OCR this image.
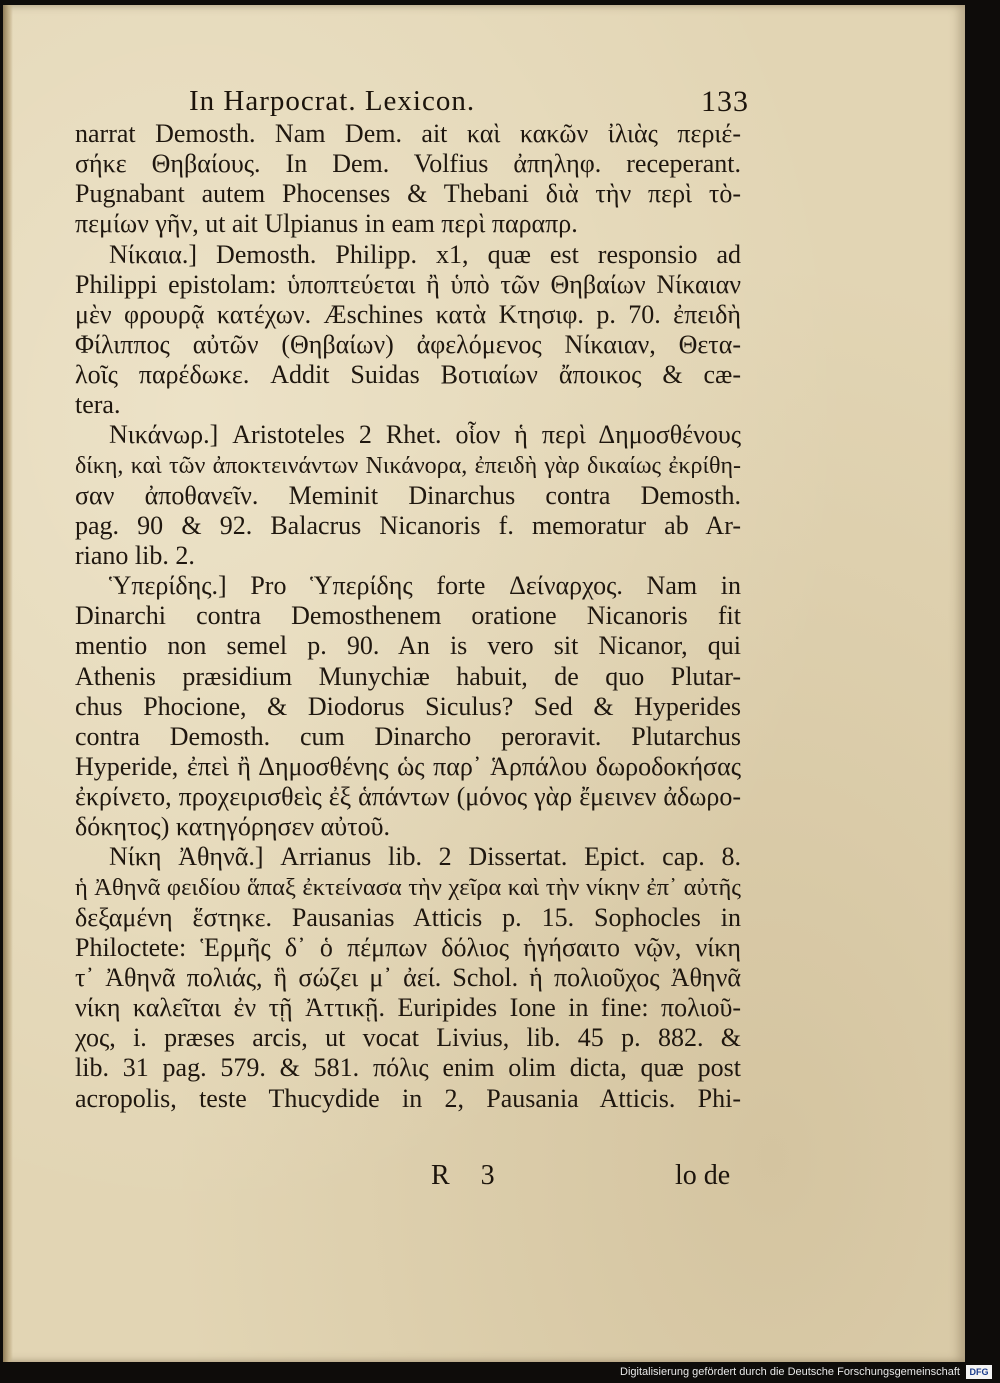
In Harpocrat. Lexicon.	133
narrat Demosth. Nam Dem. ait καὶ κακῶν ἰλιὰς περιέ-
σήκε Θηβαίους. In Dem. Volfius ἀπηληφ. receperant.
Pugnabant autem Phocenses & Thebani διὰ τὴν περὶ τὸ-
πεμίων γῆν, ut ait Ulpianus in eam περὶ παραπρ.
Νίκαια.] Demosth. Philipp. x1, quæ est responsio ad
Philippi epistolam: ὑποπτεύεται ἢ ὑπὸ τῶν Θηβαίων Νίκαιαν
μὲν φρουρᾷ κατέχων. Æschines κατὰ Κτησιφ. p. 70. ἐπειδὴ
Φίλιππος αὐτῶν (Θηβαίων) ἀφελόμενος Νίκαιαν, Θετα-
λοῖς παρέδωκε. Addit Suidas Βοτιαίων ἄποικος & cæ-
tera.
Νικάνωρ.] Aristoteles 2 Rhet. οἷον ἡ περὶ Δημοσθένους
δίκη, καὶ τῶν ἀποκτεινάντων Νικάνορα, ἐπειδὴ γὰρ δικαίως ἐκρίθη-
σαν ἀποθανεῖν. Meminit Dinarchus contra Demosth.
pag. 90 & 92. Balacrus Nicanoris f. memoratur ab Ar-
riano lib. 2.
Ὑπερίδης.] Pro Ὑπερίδης forte Δείναρχος. Nam in
Dinarchi contra Demosthenem oratione Nicanoris fit
mentio non semel p. 90. An is vero sit Nicanor, qui
Athenis præsidium Munychiæ habuit, de quo Plutar-
chus Phocione, & Diodorus Siculus? Sed & Hyperides
contra Demosth. cum Dinarcho peroravit. Plutarchus
Hyperide, ἐπεὶ ἢ Δημοσθένης ὡς παρ᾿ Ἁρπάλου δωροδοκήσας
ἐκρίνετο, προχειρισθεὶς ἐξ ἁπάντων (μόνος γὰρ ἔμεινεν ἀδωρο-
δόκητος) κατηγόρησεν αὐτοῦ.
Νίκη Ἀθηνᾶ.] Arrianus lib. 2 Dissertat. Epict. cap. 8.
ἡ Ἀθηνᾶ φειδίου ἅπαξ ἐκτείνασα τὴν χεῖρα καὶ τὴν νίκην ἐπ᾿ αὐτῆς
δεξαμένη ἕστηκε. Pausanias Atticis p. 15. Sophocles in
Philoctete: Ἑρμῆς δ᾿ ὁ πέμπων δόλιος ἡγήσαιτο νῷν, νίκη
τ᾿ Ἀθηνᾶ πολιάς, ἣ σώζει μ᾿ ἀεί. Schol. ἡ πολιοῦχος Ἀθηνᾶ
νίκη καλεῖται ἐν τῇ Ἀττικῇ. Euripides Ione in fine: πολιοῦ-
χος, i. præses arcis, ut vocat Livius, lib. 45 p. 882. &
lib. 31 pag. 579. & 581. πόλις enim olim dicta, quæ post
acropolis, teste Thucydide in 2, Pausania Atticis. Phi-
R 3	lo de
Digitalisierung gefördert durch die Deutsche Forschungsgemeinschaft	DFG
